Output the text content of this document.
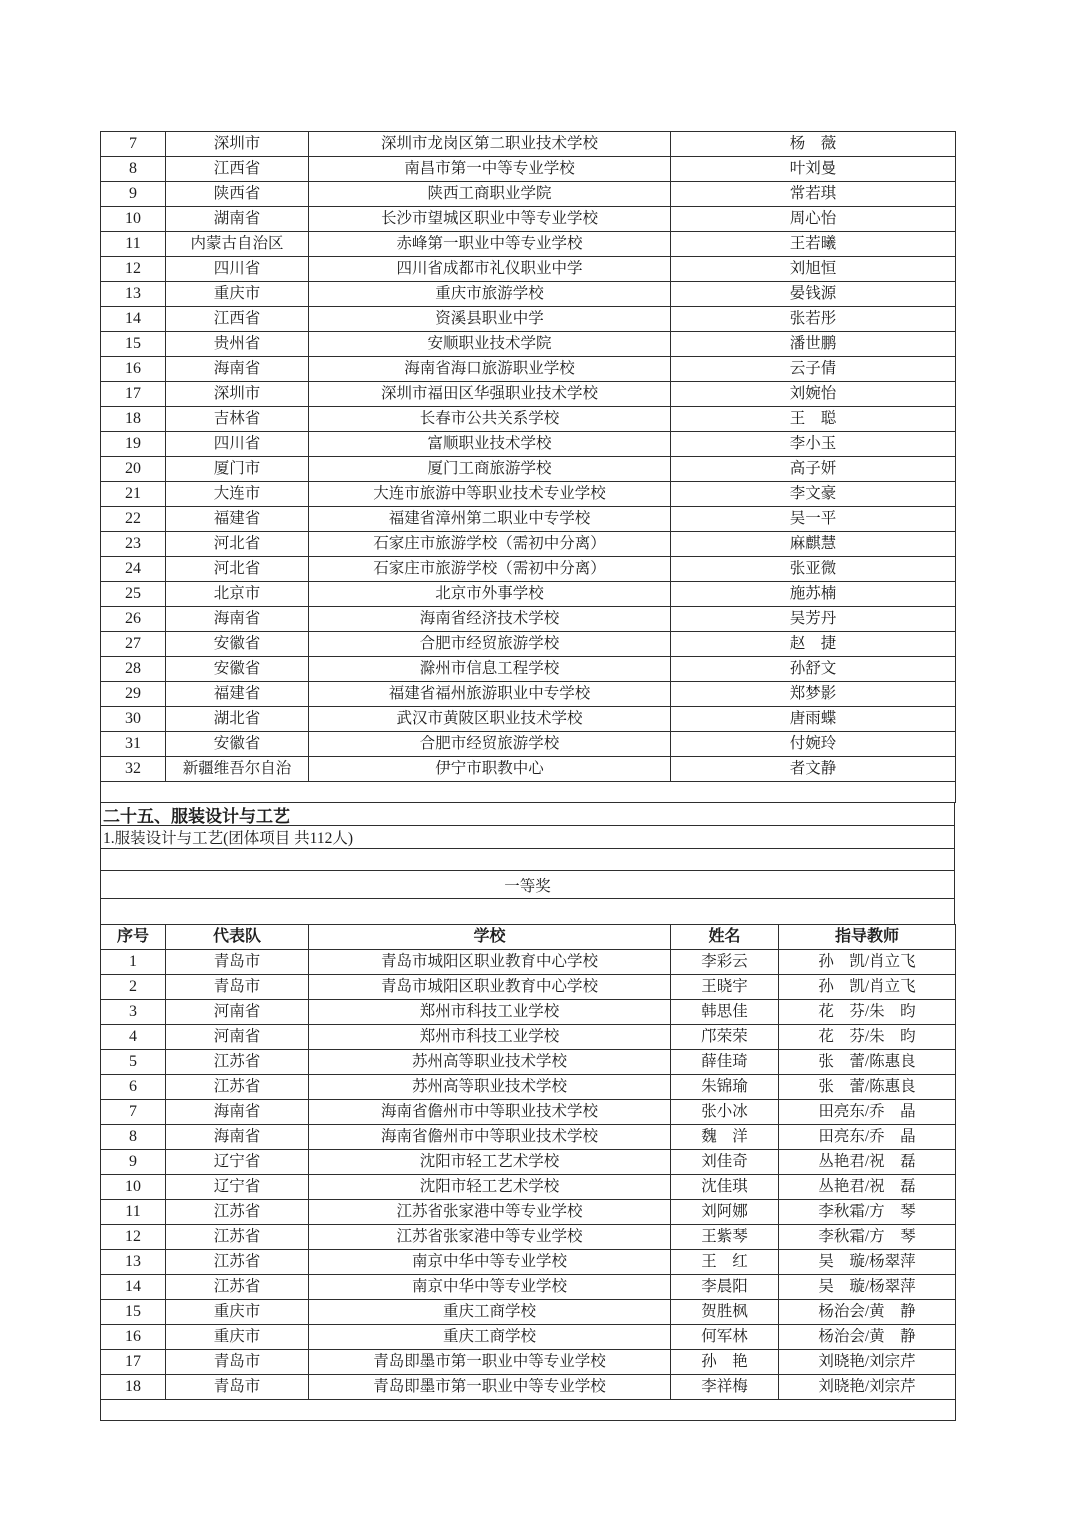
7	深圳市	深圳市龙岗区第二职业技术学校	杨　薇
8	江西省	南昌市第一中等专业学校	叶刘曼
9	陕西省	陕西工商职业学院	常若琪
10	湖南省	长沙市望城区职业中等专业学校	周心怡
11	内蒙古自治区	赤峰第一职业中等专业学校	王若曦
12	四川省	四川省成都市礼仪职业中学	刘旭恒
13	重庆市	重庆市旅游学校	晏钱源
14	江西省	资溪县职业中学	张若彤
15	贵州省	安顺职业技术学院	潘世鹏
16	海南省	海南省海口旅游职业学校	云子倩
17	深圳市	深圳市福田区华强职业技术学校	刘婉怡
18	吉林省	长春市公共关系学校	王　聪
19	四川省	富顺职业技术学校	李小玉
20	厦门市	厦门工商旅游学校	高子妍
21	大连市	大连市旅游中等职业技术专业学校	李文豪
22	福建省	福建省漳州第二职业中专学校	吴一平
23	河北省	石家庄市旅游学校（需初中分离）	麻麒慧
24	河北省	石家庄市旅游学校（需初中分离）	张亚微
25	北京市	北京市外事学校	施苏楠
26	海南省	海南省经济技术学校	吴芳丹
27	安徽省	合肥市经贸旅游学校	赵　捷
28	安徽省	滁州市信息工程学校	孙舒文
29	福建省	福建省福州旅游职业中专学校	郑梦影
30	湖北省	武汉市黄陂区职业技术学校	唐雨蝶
31	安徽省	合肥市经贸旅游学校	付婉玲
32	新疆维吾尔自治	伊宁市职教中心	者文静

二十五、服装设计与工艺
1.服装设计与工艺(团体项目 共112人)
一等奖
序号	代表队	学校	姓名	指导教师
1	青岛市	青岛市城阳区职业教育中心学校	李彩云	孙　凯/肖立飞
2	青岛市	青岛市城阳区职业教育中心学校	王晓宇	孙　凯/肖立飞
3	河南省	郑州市科技工业学校	韩思佳	花　芬/朱　昀
4	河南省	郑州市科技工业学校	邝荣荣	花　芬/朱　昀
5	江苏省	苏州高等职业技术学校	薛佳琦	张　蕾/陈惠良
6	江苏省	苏州高等职业技术学校	朱锦瑜	张　蕾/陈惠良
7	海南省	海南省儋州市中等职业技术学校	张小冰	田亮东/乔　晶
8	海南省	海南省儋州市中等职业技术学校	魏　洋	田亮东/乔　晶
9	辽宁省	沈阳市轻工艺术学校	刘佳奇	丛艳君/祝　磊
10	辽宁省	沈阳市轻工艺术学校	沈佳琪	丛艳君/祝　磊
11	江苏省	江苏省张家港中等专业学校	刘阿娜	李秋霜/方　琴
12	江苏省	江苏省张家港中等专业学校	王紫琴	李秋霜/方　琴
13	江苏省	南京中华中等专业学校	王　红	吴　璇/杨翠萍
14	江苏省	南京中华中等专业学校	李晨阳	吴　璇/杨翠萍
15	重庆市	重庆工商学校	贺胜枫	杨治会/黄　静
16	重庆市	重庆工商学校	何军林	杨治会/黄　静
17	青岛市	青岛即墨市第一职业中等专业学校	孙　艳	刘晓艳/刘宗芹
18	青岛市	青岛即墨市第一职业中等专业学校	李祥梅	刘晓艳/刘宗芹
